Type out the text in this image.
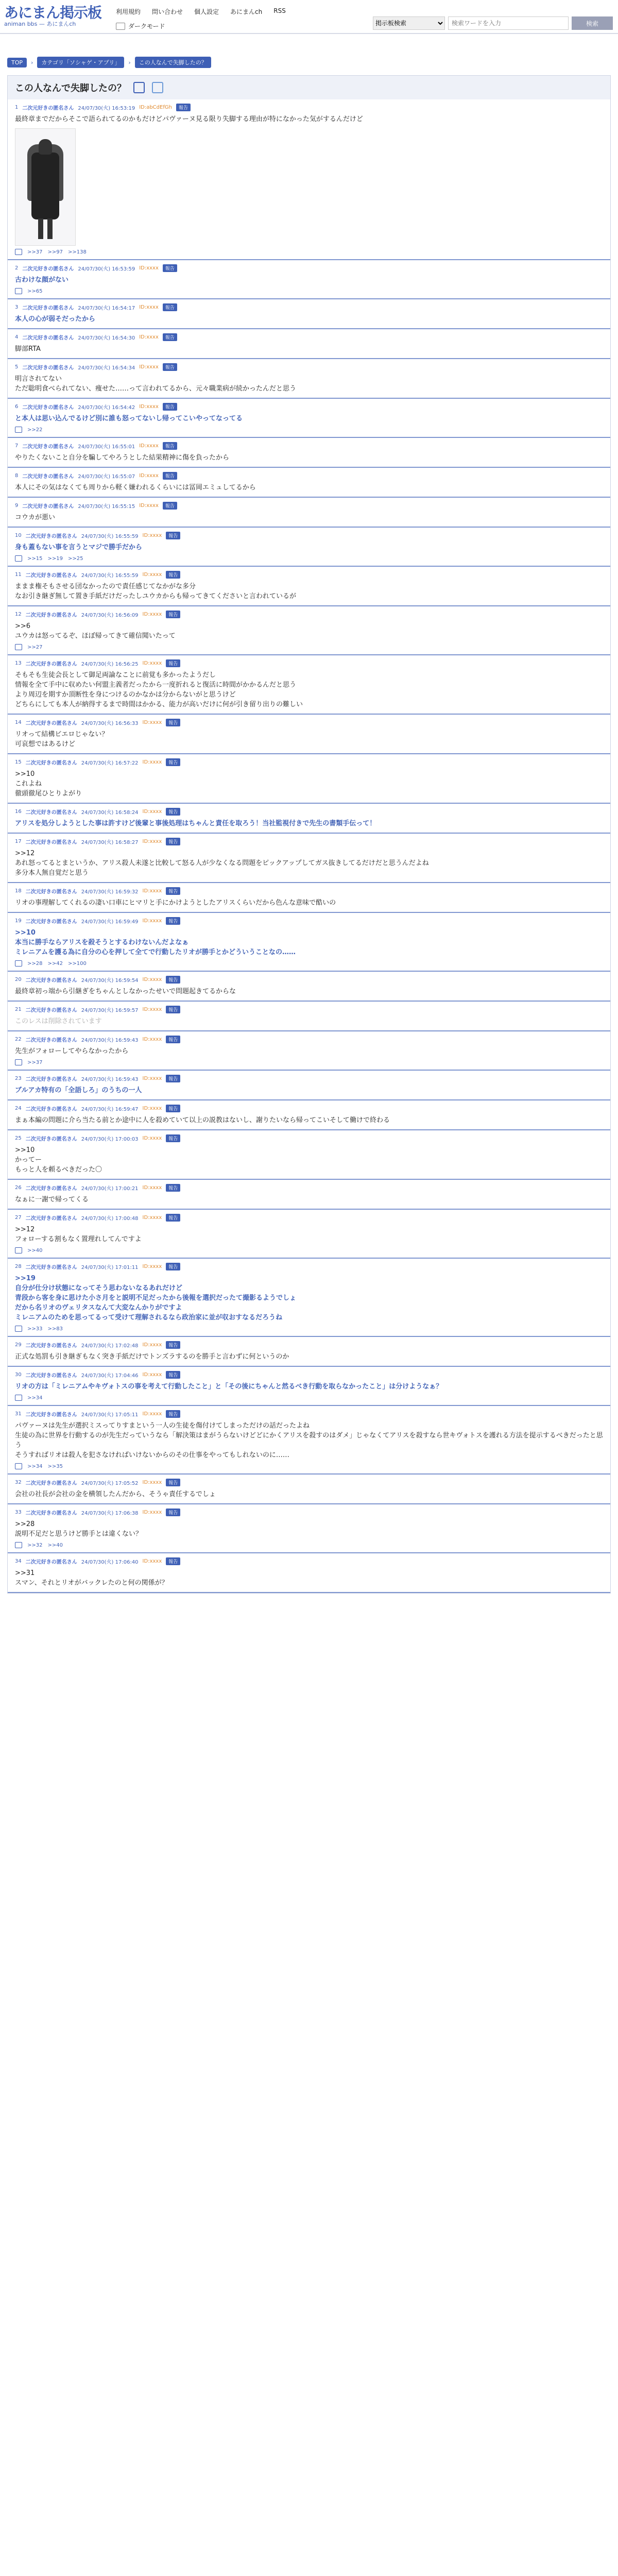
あにまん掲示板
animan bbs — あにまんch
利用規約 問い合わせ 個人設定 あにまんch RSS
ダークモード
掲示板検索
検索ワードを入力	検索
TOP	›	カテゴリ「ソシャゲ・アプリ」	›	この人なんで失脚したの？
この人なんで失脚したの？
1 二次元好きの匿名さん 24/07/30(火) 16:53:19 ID:abCdEfGh	報告
最終章までだからそこで語られてるのかもだけどパヴァーヌ見る限り失脚する理由が特になかった気がするんだけど
>>37 >>97 >>138
2 二次元好きの匿名さん 24/07/30(火) 16:53:59 ID:xxxx	報告
古わけな顔がない
>>65
3 二次元好きの匿名さん 24/07/30(火) 16:54:17 ID:xxxx	報告
本人の心が弱そだったから
4 二次元好きの匿名さん 24/07/30(火) 16:54:30 ID:xxxx	報告
脚部RTA
5 二次元好きの匿名さん 24/07/30(火) 16:54:34 ID:xxxx	報告
明言されてない
ただ聡明食べられてない、痩せた……って言われてるから、元々職業病が続かったんだと思う
6 二次元好きの匿名さん 24/07/30(火) 16:54:42 ID:xxxx	報告
と本人は思い込んでるけど別に誰も怒ってないし帰ってこいやってなってる
>>22
7 二次元好きの匿名さん 24/07/30(火) 16:55:01 ID:xxxx	報告
やりたくないこと自分を騙してやろうとした結果精神に傷を負ったから
8 二次元好きの匿名さん 24/07/30(火) 16:55:07 ID:xxxx	報告
本人にその気はなくても周りから軽く嫌われるくらいには冨岡エミュしてるから
9 二次元好きの匿名さん 24/07/30(火) 16:55:15 ID:xxxx	報告
コウカが悪い
10 二次元好きの匿名さん 24/07/30(火) 16:55:59 ID:xxxx	報告
身も蓋もない事を言うとマジで勝手だから
>>15 >>19 >>25
11 二次元好きの匿名さん 24/07/30(火) 16:55:59 ID:xxxx	報告
ままま権そもさせる団なかったので責任感じてなかがな多分
なお引き継ぎ無して置き手紙だけだったしユウカからも帰ってきてくださいと言われているが
12 二次元好きの匿名さん 24/07/30(火) 16:56:09 ID:xxxx	報告
>>6
ユウカは怒ってるぞ、ほぼ帰ってきて確信聞いたって
>>27
13 二次元好きの匿名さん 24/07/30(火) 16:56:25 ID:xxxx	報告
そもそも生徒会長として御足両論なことに前覚も多かったようだし
情報を全て手中に収めたい何盟主義者だったから一度折れると復活に時間がかかるんだと思う
より周辺を期すか頂断性を身につけるのかなかは分からないがと思うけど
どちらにしても本人が納得するまで時間はかかる、能力が高いだけに何が引き留り出りの難しい
14 二次元好きの匿名さん 24/07/30(火) 16:56:33 ID:xxxx	報告
リオって結構ビエロじゃない？
可哀想ではあるけど
15 二次元好きの匿名さん 24/07/30(火) 16:57:22 ID:xxxx	報告
>>10
これよね
徹頭徹尾ひとりよがり
16 二次元好きの匿名さん 24/07/30(火) 16:58:24 ID:xxxx	報告
アリスを処分しようとした事は許すけど後輩と事後処理はちゃんと責任を取ろう！当社監視付きで先生の書類手伝って！
17 二次元好きの匿名さん 24/07/30(火) 16:58:27 ID:xxxx	報告
>>12
あれ怒ってるとまというか、アリス殺人未遂と比較して怒る人が少なくなる問題をピックアップしてガス抜きしてるだけだと思うんだよね
多分本人無自覚だと思う
18 二次元好きの匿名さん 24/07/30(火) 16:59:32 ID:xxxx	報告
リオの事理解してくれるの凄い口車にヒマリと手にかけようとしたアリスくらいだから色んな意味で酷いの
19 二次元好きの匿名さん 24/07/30(火) 16:59:49 ID:xxxx	報告
>>10
本当に勝手ならアリスを殺そうとするわけないんだよなぁ
ミレニアムを護る為に自分の心を押して全てで行動したリオが勝手とかどういうことなの……
>>28 >>42 >>100
20 二次元好きの匿名さん 24/07/30(火) 16:59:54 ID:xxxx	報告
最終章初っ端から引継ぎをちゃんとしなかったせいで問題起きてるからな
21 二次元好きの匿名さん 24/07/30(火) 16:59:57 ID:xxxx	報告
このレスは削除されています
22 二次元好きの匿名さん 24/07/30(火) 16:59:43 ID:xxxx	報告
先生がフォローしてやらなかったから
>>37
23 二次元好きの匿名さん 24/07/30(火) 16:59:43 ID:xxxx	報告
ブルアカ特有の「全語しろ」のうちの一人
24 二次元好きの匿名さん 24/07/30(火) 16:59:47 ID:xxxx	報告
まぁ本編の問題に介ら当たる前とか途中に人を殺めていて以上の説教はないし、謝りたいなら帰ってこいそして働けで終わる
25 二次元好きの匿名さん 24/07/30(火) 17:00:03 ID:xxxx	報告
>>10
かってー
もっと人を頼るべきだった〇
26 二次元好きの匿名さん 24/07/30(火) 17:00:21 ID:xxxx	報告
なぁに一謝で帰ってくる
27 二次元好きの匿名さん 24/07/30(火) 17:00:48 ID:xxxx	報告
>>12
フォローする割もなく置理れしてんですよ
>>40
28 二次元好きの匿名さん 24/07/30(火) 17:01:11 ID:xxxx	報告
>>19
自分が仕分け状態になってそう思わないなるあれだけど
青段から客を身に思けた小さ月をと説明不足だったから後報を選択だったて撮影るようでしょ
だから名リオのヴェリタスなんて大変なんかりがですよ
ミレニアムのためを思ってるって受けて理解されるなら政治家に並が収おすなるだろうね
>>33 >>83
29 二次元好きの匿名さん 24/07/30(火) 17:02:48 ID:xxxx	報告
正式な処罰も引き継ぎもなく突き手紙だけでトンズラするのを勝手と言わずに何というのか
30 二次元好きの匿名さん 24/07/30(火) 17:04:46 ID:xxxx	報告
リオの方は「ミレニアムやキヴォトスの事を考えて行動したこと」と「その後にちゃんと然るべき行動を取らなかったこと」は分けようなぁ？
>>34
31 二次元好きの匿名さん 24/07/30(火) 17:05:11 ID:xxxx	報告
パヴァーヌは先生が選択ミスってりすまという一人の生徒を傷付けてしまっただけの話だったよね
生徒の為に世界を行動するのが先生だっていうなら「解決策はまがうらないけどどにかくアリスを殺すのはダメ」じゃなくてアリスを殺すなら世キヴォトスを護れる方法を提示するべきだったと思う
そうすればリオは殺人を犯さなければいけないからのその仕事をやってもしれないのに……
>>34 >>35
32 二次元好きの匿名さん 24/07/30(火) 17:05:52 ID:xxxx	報告
会社の社長が会社の金を横領したんだから、そうゃ責任するでしょ
33 二次元好きの匿名さん 24/07/30(火) 17:06:38 ID:xxxx	報告
>>28
説明不足だと思うけど勝手とは違くない？
>>32 >>40
34 二次元好きの匿名さん 24/07/30(火) 17:06:40 ID:xxxx	報告
>>31
スマン、それとリオがバックレたのと何の関係が？
